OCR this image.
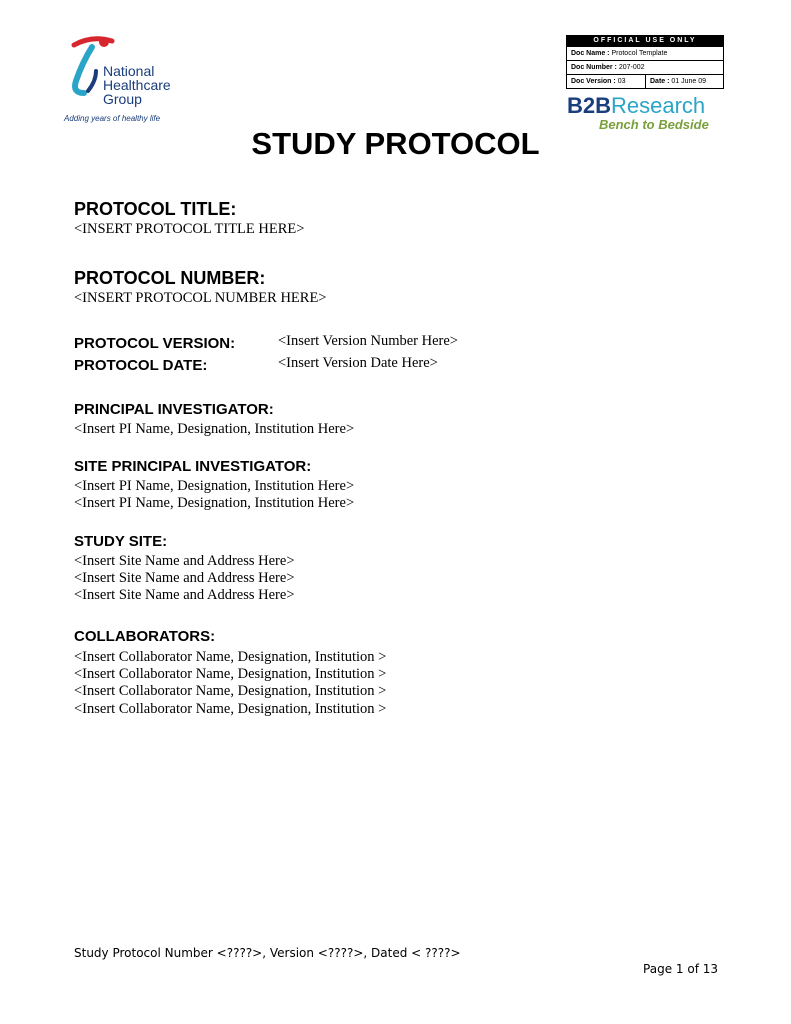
National
Healthcare
Group
Adding years of healthy life
OFFICIAL USE ONLY
Doc Name : Protocol Template
Doc Number : 207-002
Doc Version : 03	Date : 01 June 09
B2BResearch
Bench to Bedside
STUDY PROTOCOL
PROTOCOL TITLE:
<INSERT PROTOCOL TITLE HERE>
PROTOCOL NUMBER:
<INSERT PROTOCOL NUMBER HERE>
PROTOCOL VERSION:	<Insert Version Number Here>
PROTOCOL DATE:	<Insert Version Date Here>
PRINCIPAL INVESTIGATOR:
<Insert PI Name, Designation, Institution Here>
SITE PRINCIPAL INVESTIGATOR:
<Insert PI Name, Designation, Institution Here>
<Insert PI Name, Designation, Institution Here>
STUDY SITE:
<Insert Site Name and Address Here>
<Insert Site Name and Address Here>
<Insert Site Name and Address Here>
COLLABORATORS:
<Insert Collaborator Name, Designation, Institution >
<Insert Collaborator Name, Designation, Institution >
<Insert Collaborator Name, Designation, Institution >
<Insert Collaborator Name, Designation, Institution >
Study Protocol Number <????>, Version <????>, Dated < ????>
Page 1 of 13
